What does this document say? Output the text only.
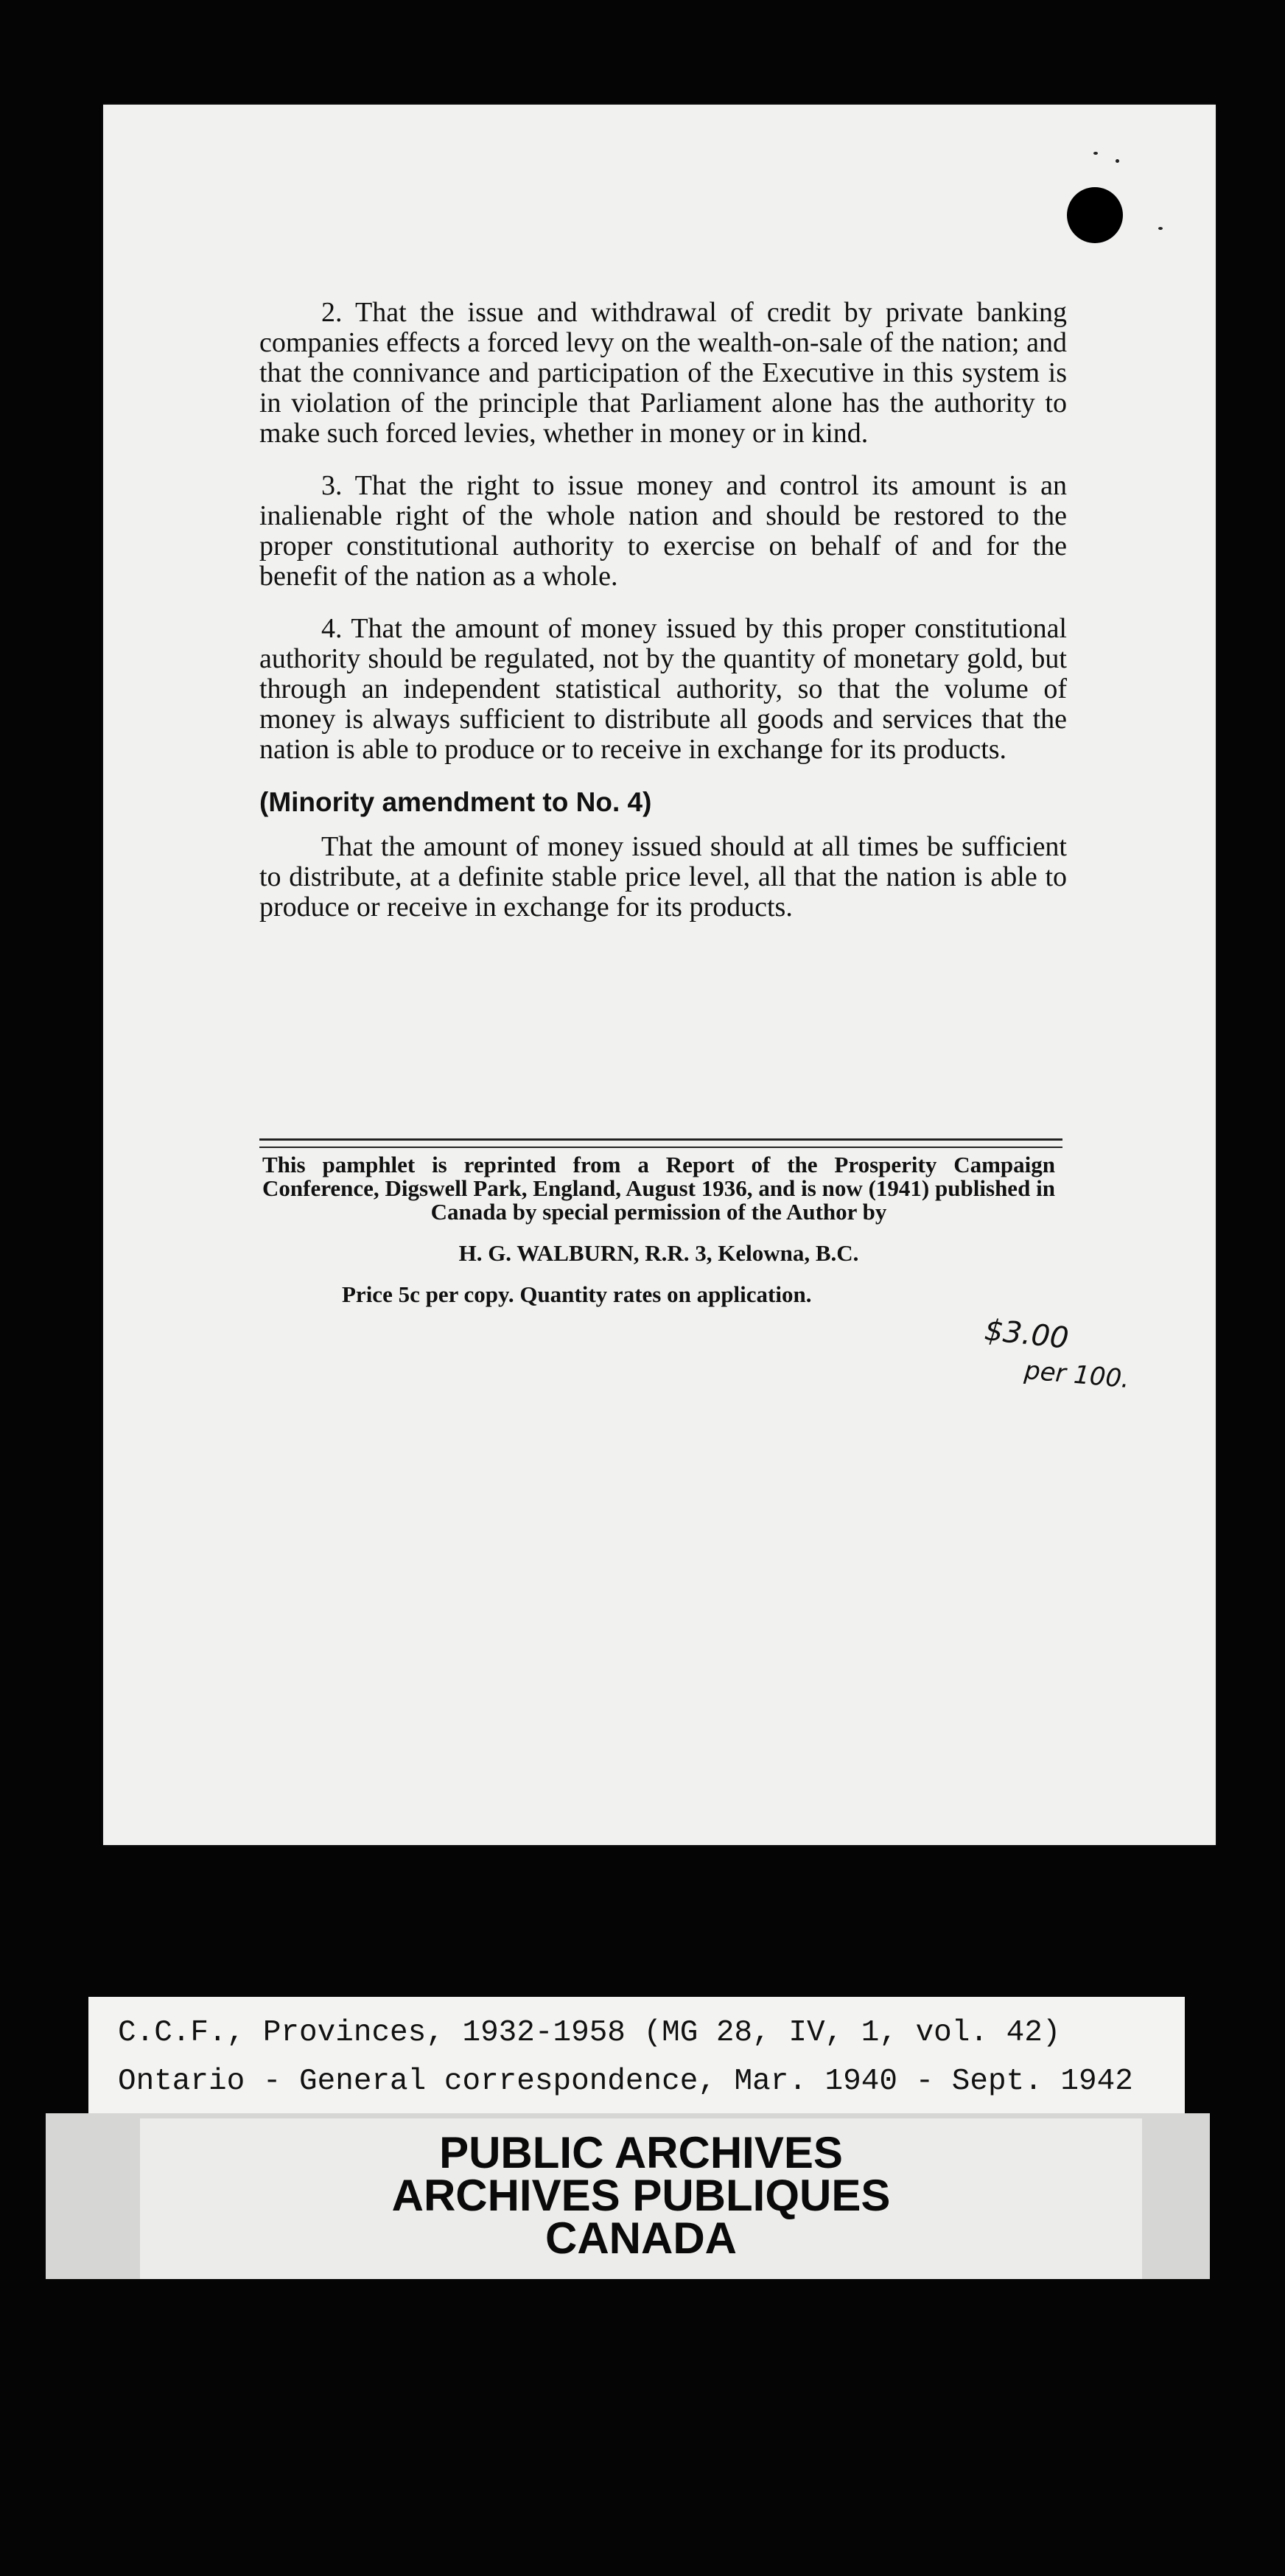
2. That the issue and withdrawal of credit by private banking companies effects a forced levy on the wealth-on-sale of the nation; and that the connivance and participation of the Executive in this system is in violation of the principle that Parliament alone has the authority to make such forced levies, whether in money or in kind.

3. That the right to issue money and control its amount is an inalienable right of the whole nation and should be restored to the proper constitutional authority to exercise on behalf of and for the benefit of the nation as a whole.

4. That the amount of money issued by this proper constitutional authority should be regulated, not by the quantity of monetary gold, but through an independent statistical authority, so that the volume of money is always sufficient to distribute all goods and services that the nation is able to produce or to receive in exchange for its products.

(Minority amendment to No. 4)

That the amount of money issued should at all times be sufficient to distribute, at a definite stable price level, all that the nation is able to produce or receive in exchange for its products.

This pamphlet is reprinted from a Report of the Prosperity Campaign Conference, Digswell Park, England, August 1936, and is now (1941) published in Canada by special permission of the Author by
H. G. WALBURN, R.R. 3, Kelowna, B.C.
Price 5c per copy. Quantity rates on application.
$3.00
per 100.
C.C.F., Provinces, 1932-1958 (MG 28, IV, 1, vol. 42)
Ontario - General correspondence, Mar. 1940 - Sept. 1942
PUBLIC ARCHIVES
ARCHIVES PUBLIQUES
CANADA
